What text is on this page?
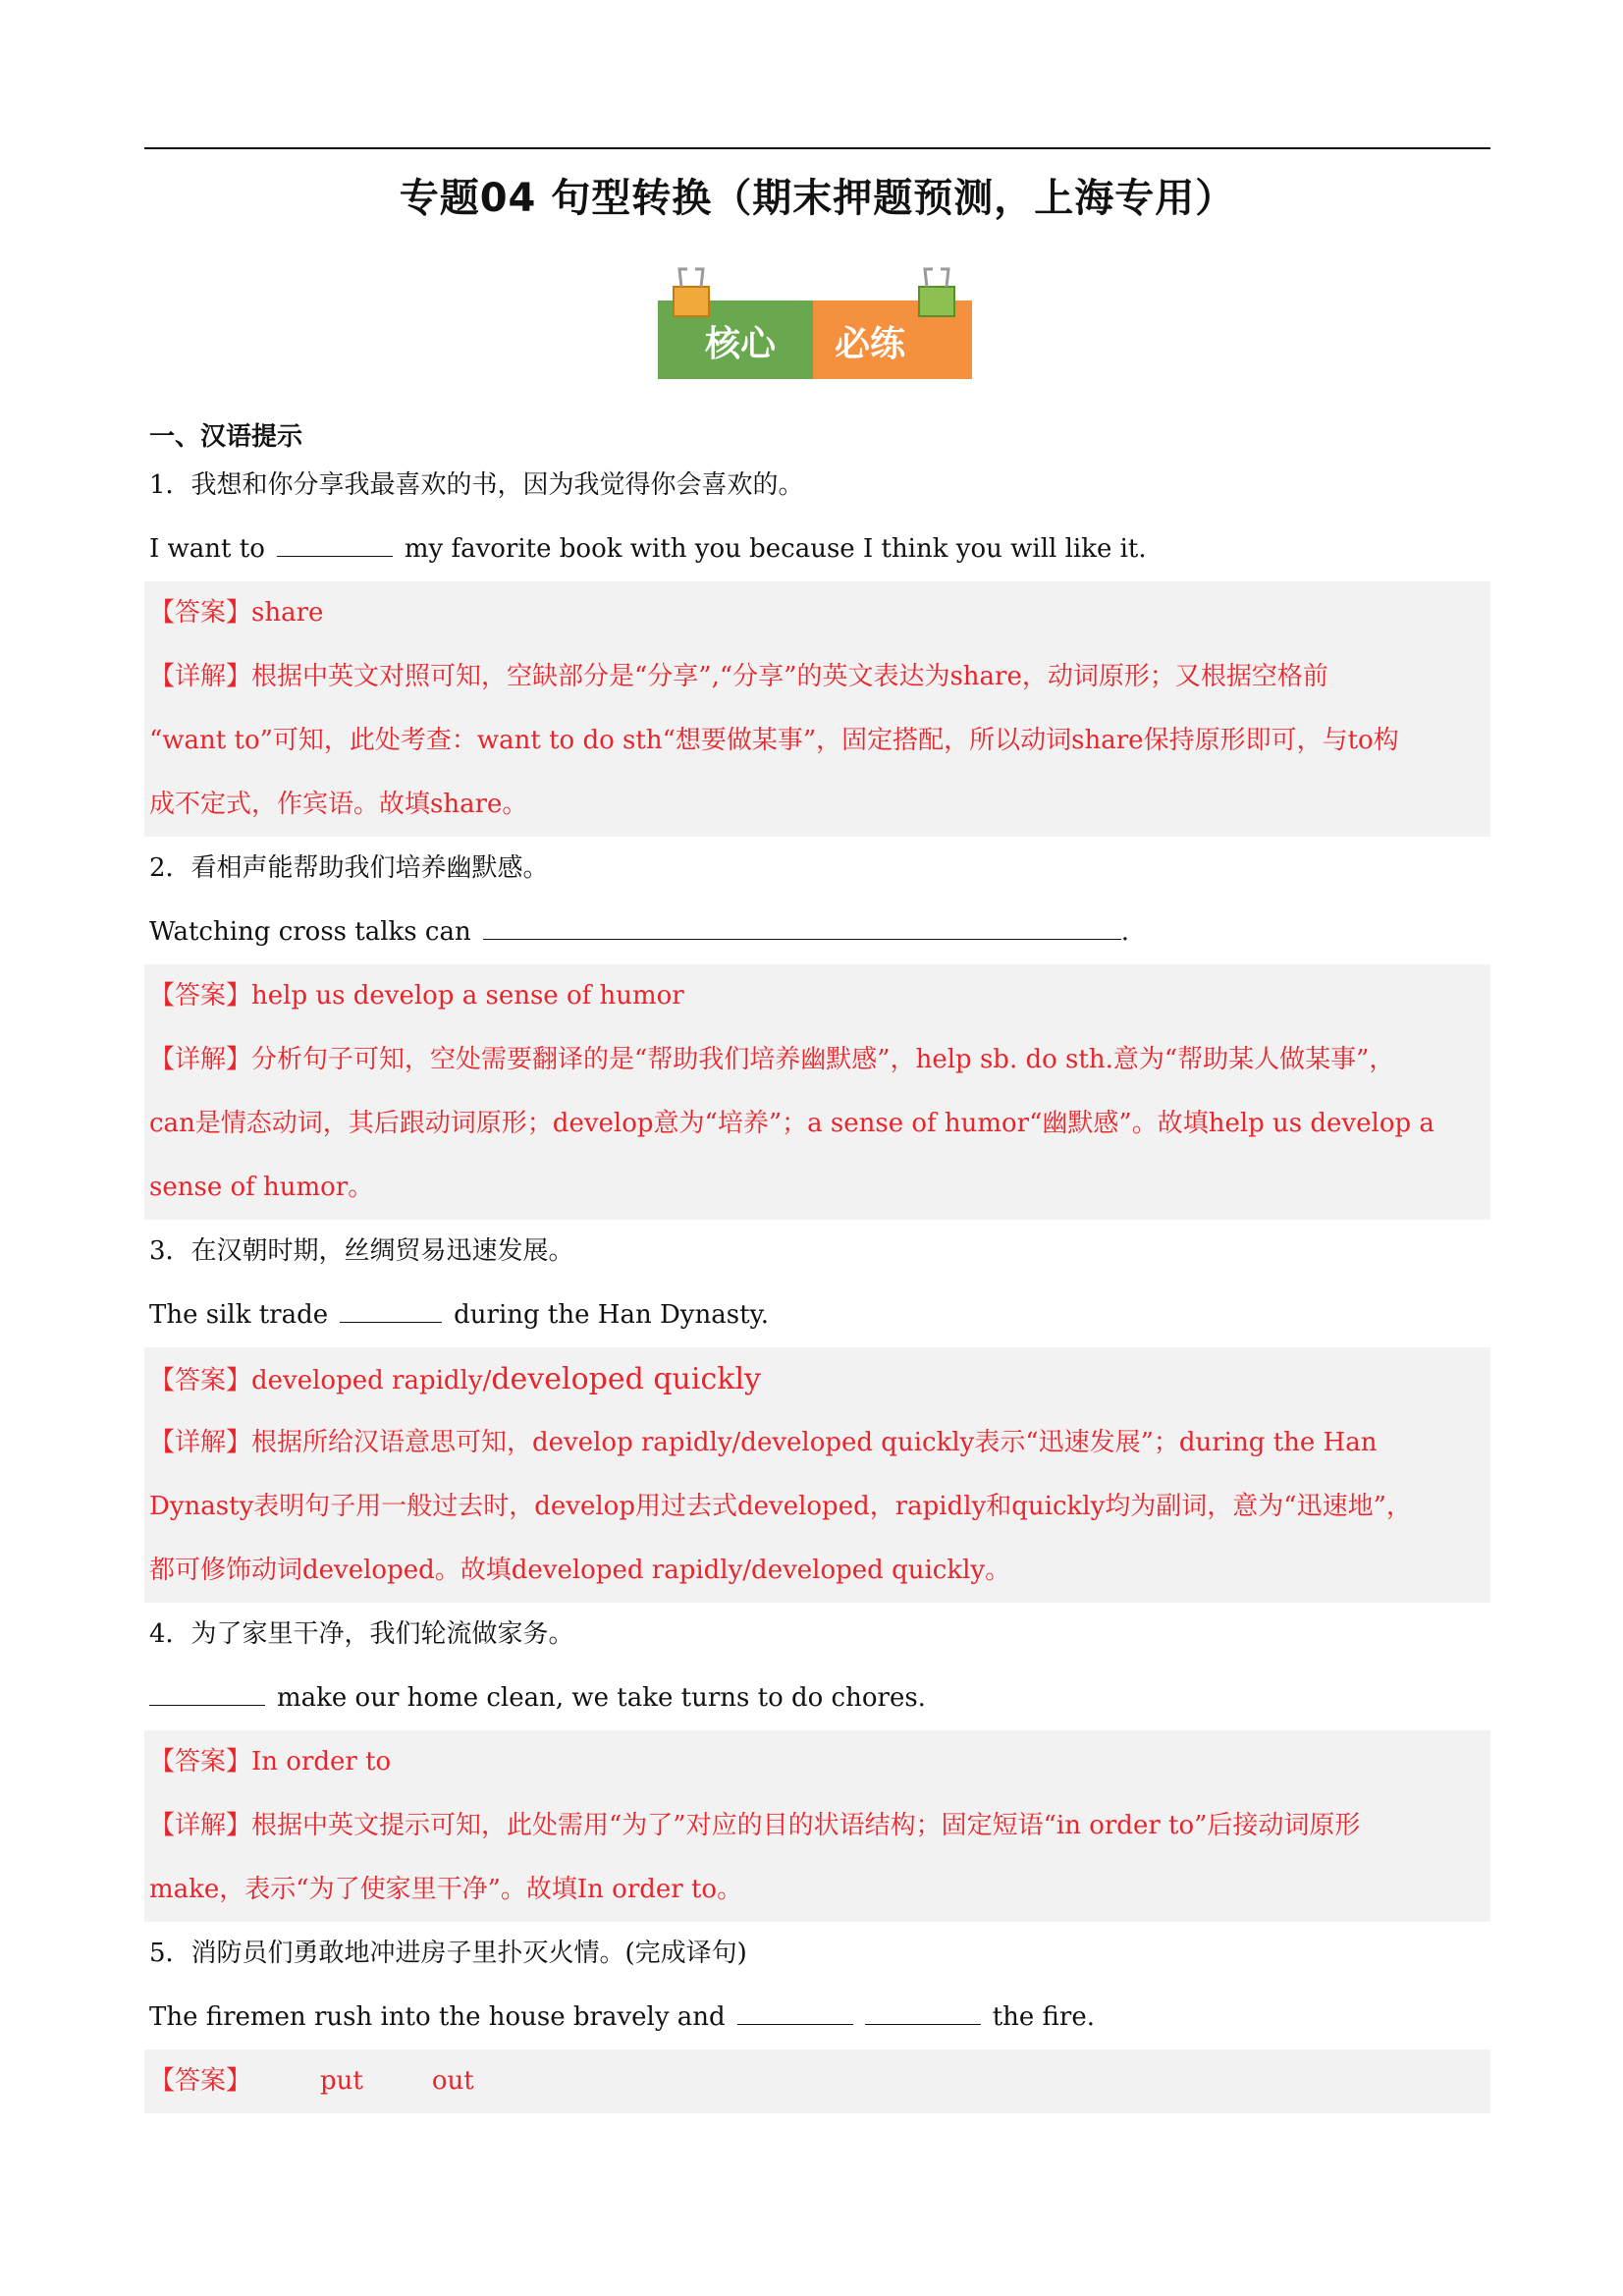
专题04 句型转换（期末押题预测，上海专用）
核心 必练
一、汉语提示
1．我想和你分享我最喜欢的书，因为我觉得你会喜欢的。
I want to	my favorite book with you because I think you will like it.
【答案】share
【详解】根据中英文对照可知，空缺部分是“分享”,“分享”的英文表达为share，动词原形；又根据空格前
“want to”可知，此处考查：want to do sth“想要做某事”，固定搭配，所以动词share保持原形即可，与to构
成不定式，作宾语。故填share。
2．看相声能帮助我们培养幽默感。
Watching cross talks can	.
【答案】help us develop a sense of humor
【详解】分析句子可知，空处需要翻译的是“帮助我们培养幽默感”，help sb. do sth.意为“帮助某人做某事”，
can是情态动词，其后跟动词原形；develop意为“培养”；a sense of humor“幽默感”。故填help us develop a
sense of humor。
3．在汉朝时期，丝绸贸易迅速发展。
The silk trade	during the Han Dynasty.
【答案】developed rapidly/developed quickly
【详解】根据所给汉语意思可知，develop rapidly/developed quickly表示“迅速发展”；during the Han
Dynasty表明句子用一般过去时，develop用过去式developed，rapidly和quickly均为副词，意为“迅速地”，
都可修饰动词developed。故填developed rapidly/developed quickly。
4．为了家里干净，我们轮流做家务。
make our home clean, we take turns to do chores.
【答案】In order to
【详解】根据中英文提示可知，此处需用“为了”对应的目的状语结构；固定短语“in order to”后接动词原形
make，表示“为了使家里干净”。故填In order to。
5．消防员们勇敢地冲进房子里扑灭火情。(完成译句)
The firemen rush into the house bravely and	the fire.
【答案】	put	out
